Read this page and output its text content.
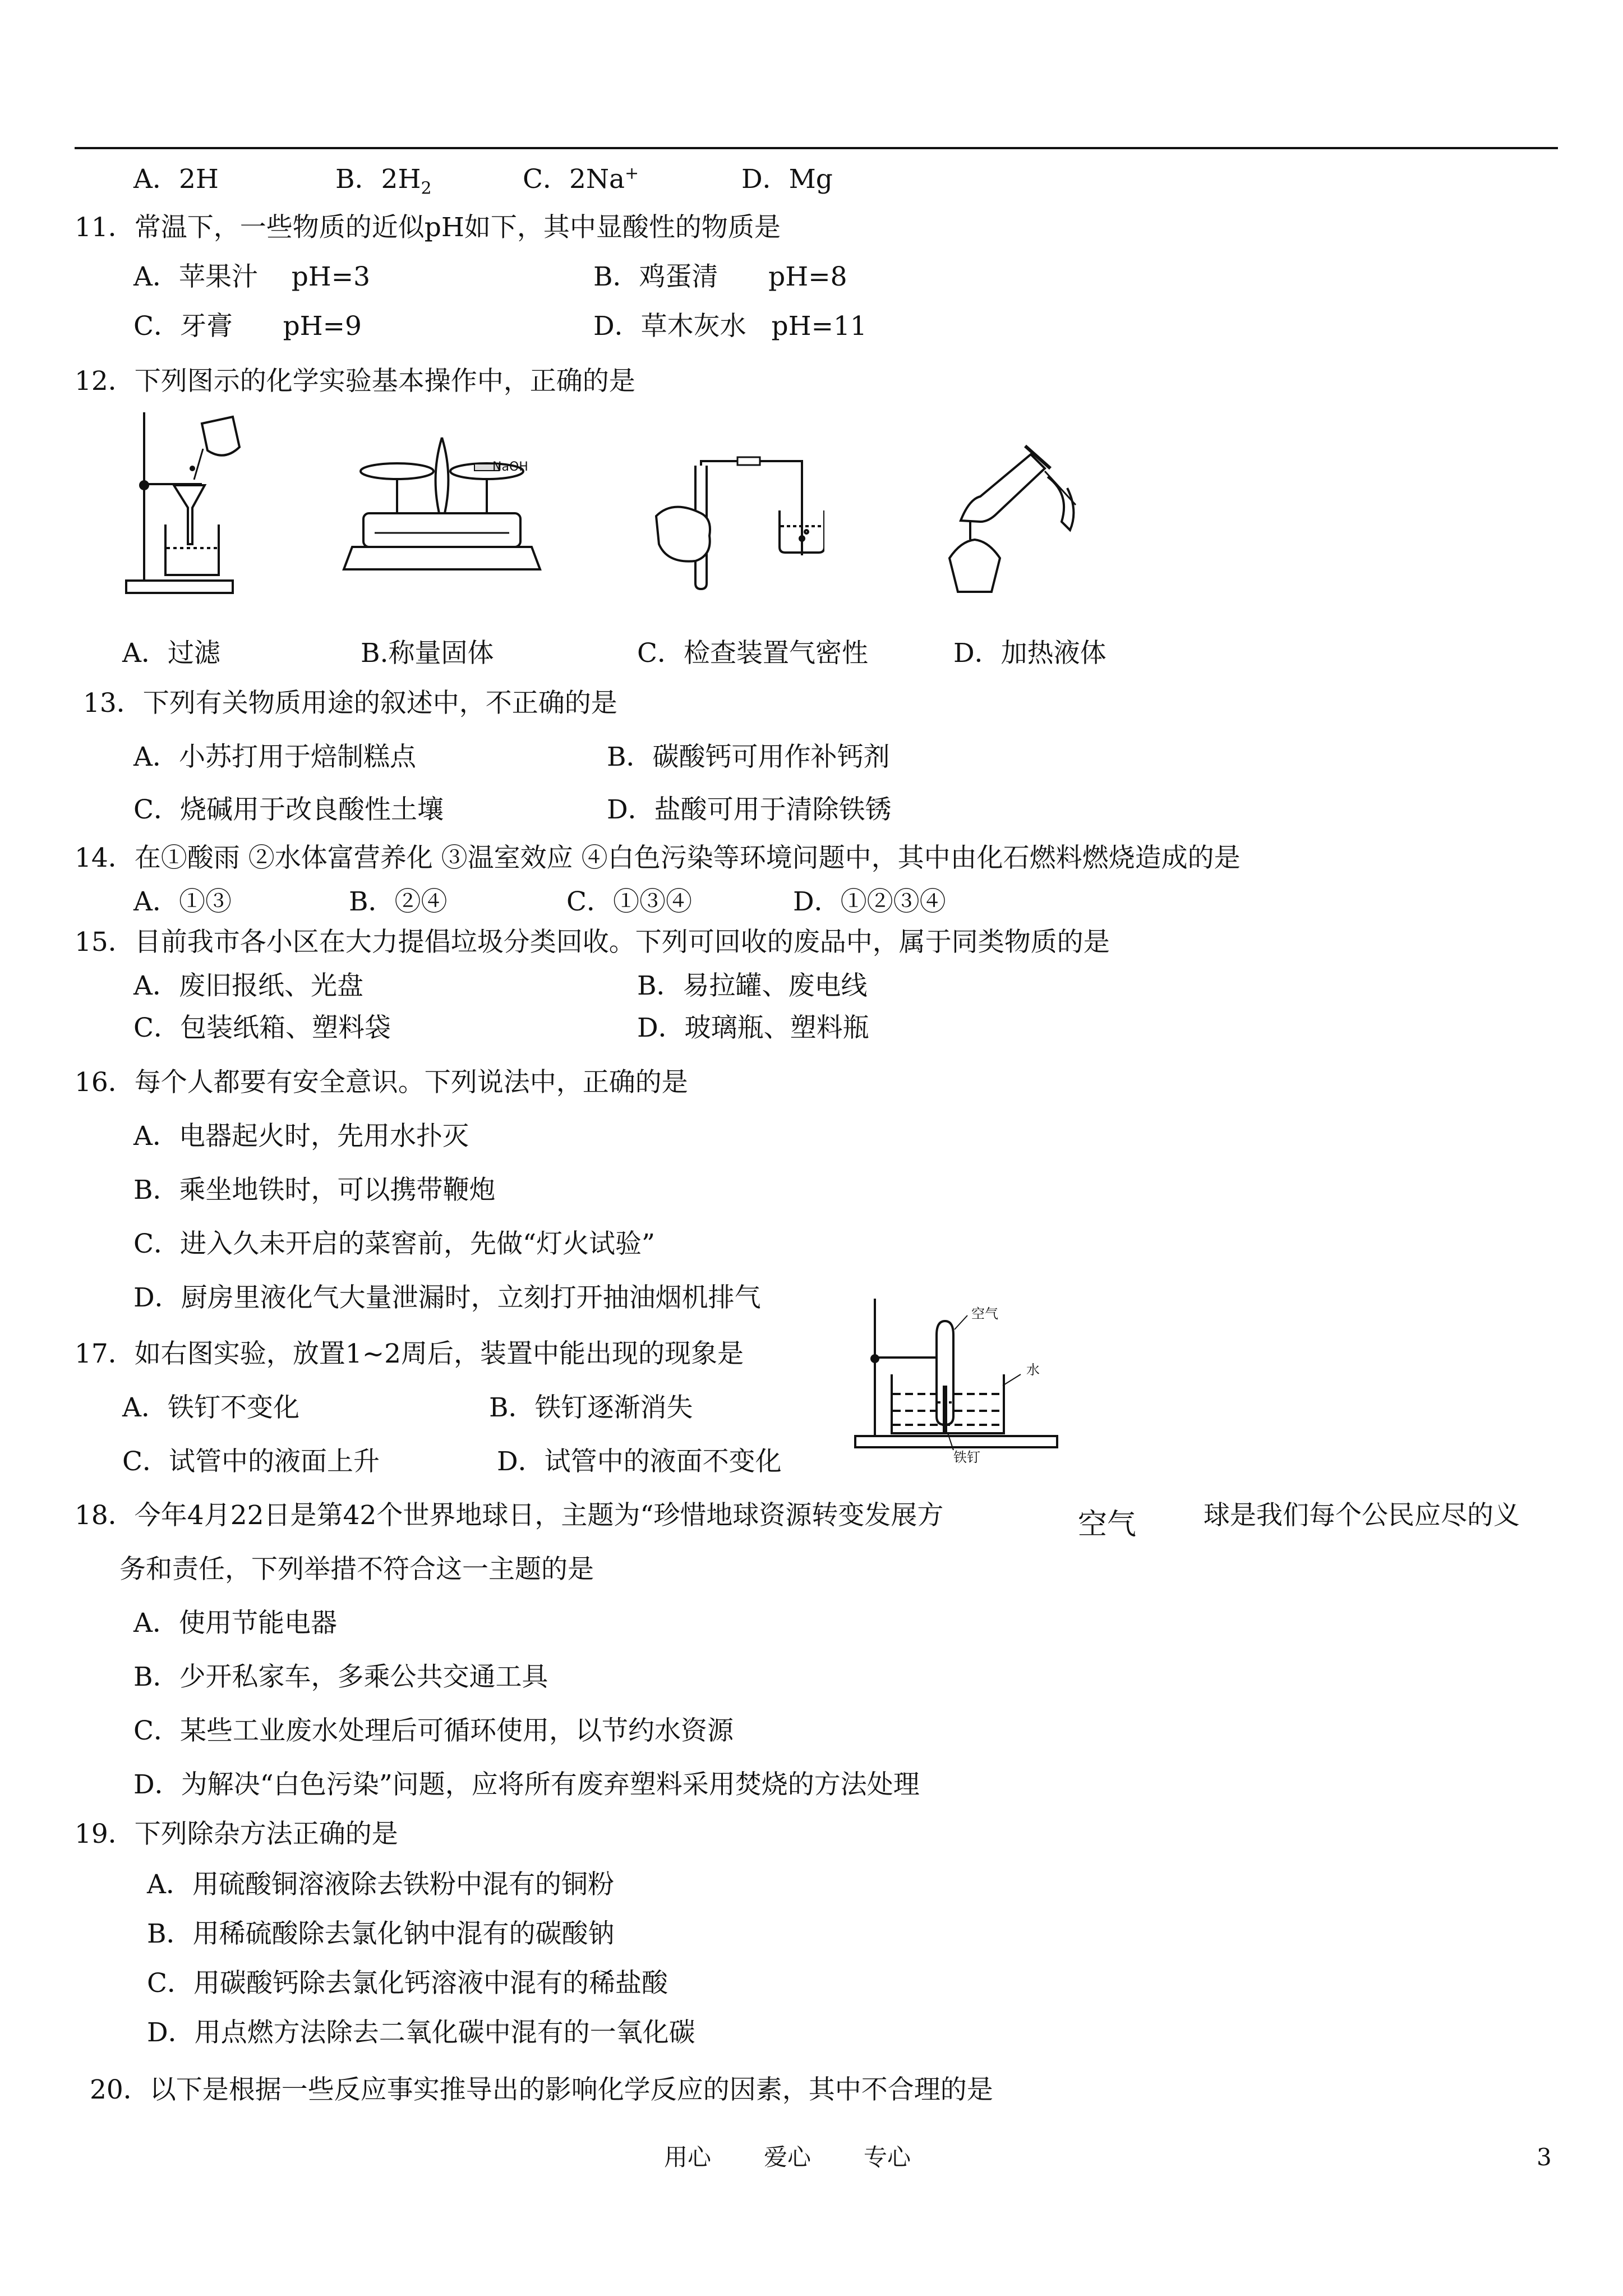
A．2H	B．$2H_2$	C．2Na+	D．Mg
11．常温下，一些物质的近似pH如下，其中显酸性的物质是
A．苹果汁    pH=3	B．鸡蛋清      pH=8
C．牙膏      pH=9	D．草木灰水   pH=11
12．下列图示的化学实验基本操作中，正确的是
NaOH
A．过滤	B.称量固体	C．检查装置气密性	D．加热液体
13．下列有关物质用途的叙述中，不正确的是
A．小苏打用于焙制糕点	B．碳酸钙可用作补钙剂
C．烧碱用于改良酸性土壤	D．盐酸可用于清除铁锈
14．在①酸雨 ②水体富营养化 ③温室效应 ④白色污染等环境问题中，其中由化石燃料燃烧造成的是
A．①③	B．②④	C．①③④	D．①②③④
15．目前我市各小区在大力提倡垃圾分类回收。下列可回收的废品中，属于同类物质的是
A．废旧报纸、光盘	B．易拉罐、废电线
C．包装纸箱、塑料袋	D．玻璃瓶、塑料瓶
16．每个人都要有安全意识。下列说法中，正确的是
A．电器起火时，先用水扑灭
B．乘坐地铁时，可以携带鞭炮
C．进入久未开启的菜窖前，先做“灯火试验”
D．厨房里液化气大量泄漏时，立刻打开抽油烟机排气
空气
水
铁钉
17．如右图实验，放置1~2周后，装置中能出现的现象是
A．铁钉不变化	B．铁钉逐渐消失
C．试管中的液面上升	D．试管中的液面不变化
18．今年4月22日是第42个世界地球日，主题为“珍惜地球资源转变发展方	空气	球是我们每个公民应尽的义
务和责任，下列举措不符合这一主题的是
A．使用节能电器
B．少开私家车，多乘公共交通工具
C．某些工业废水处理后可循环使用，以节约水资源
D．为解决“白色污染”问题，应将所有废弃塑料采用焚烧的方法处理
19．下列除杂方法正确的是
A．用硫酸铜溶液除去铁粉中混有的铜粉
B．用稀硫酸除去氯化钠中混有的碳酸钠
C．用碳酸钙除去氯化钙溶液中混有的稀盐酸
D．用点燃方法除去二氧化碳中混有的一氧化碳
20．以下是根据一些反应事实推导出的影响化学反应的因素，其中不合理的是
用心 爱心 专心	3
